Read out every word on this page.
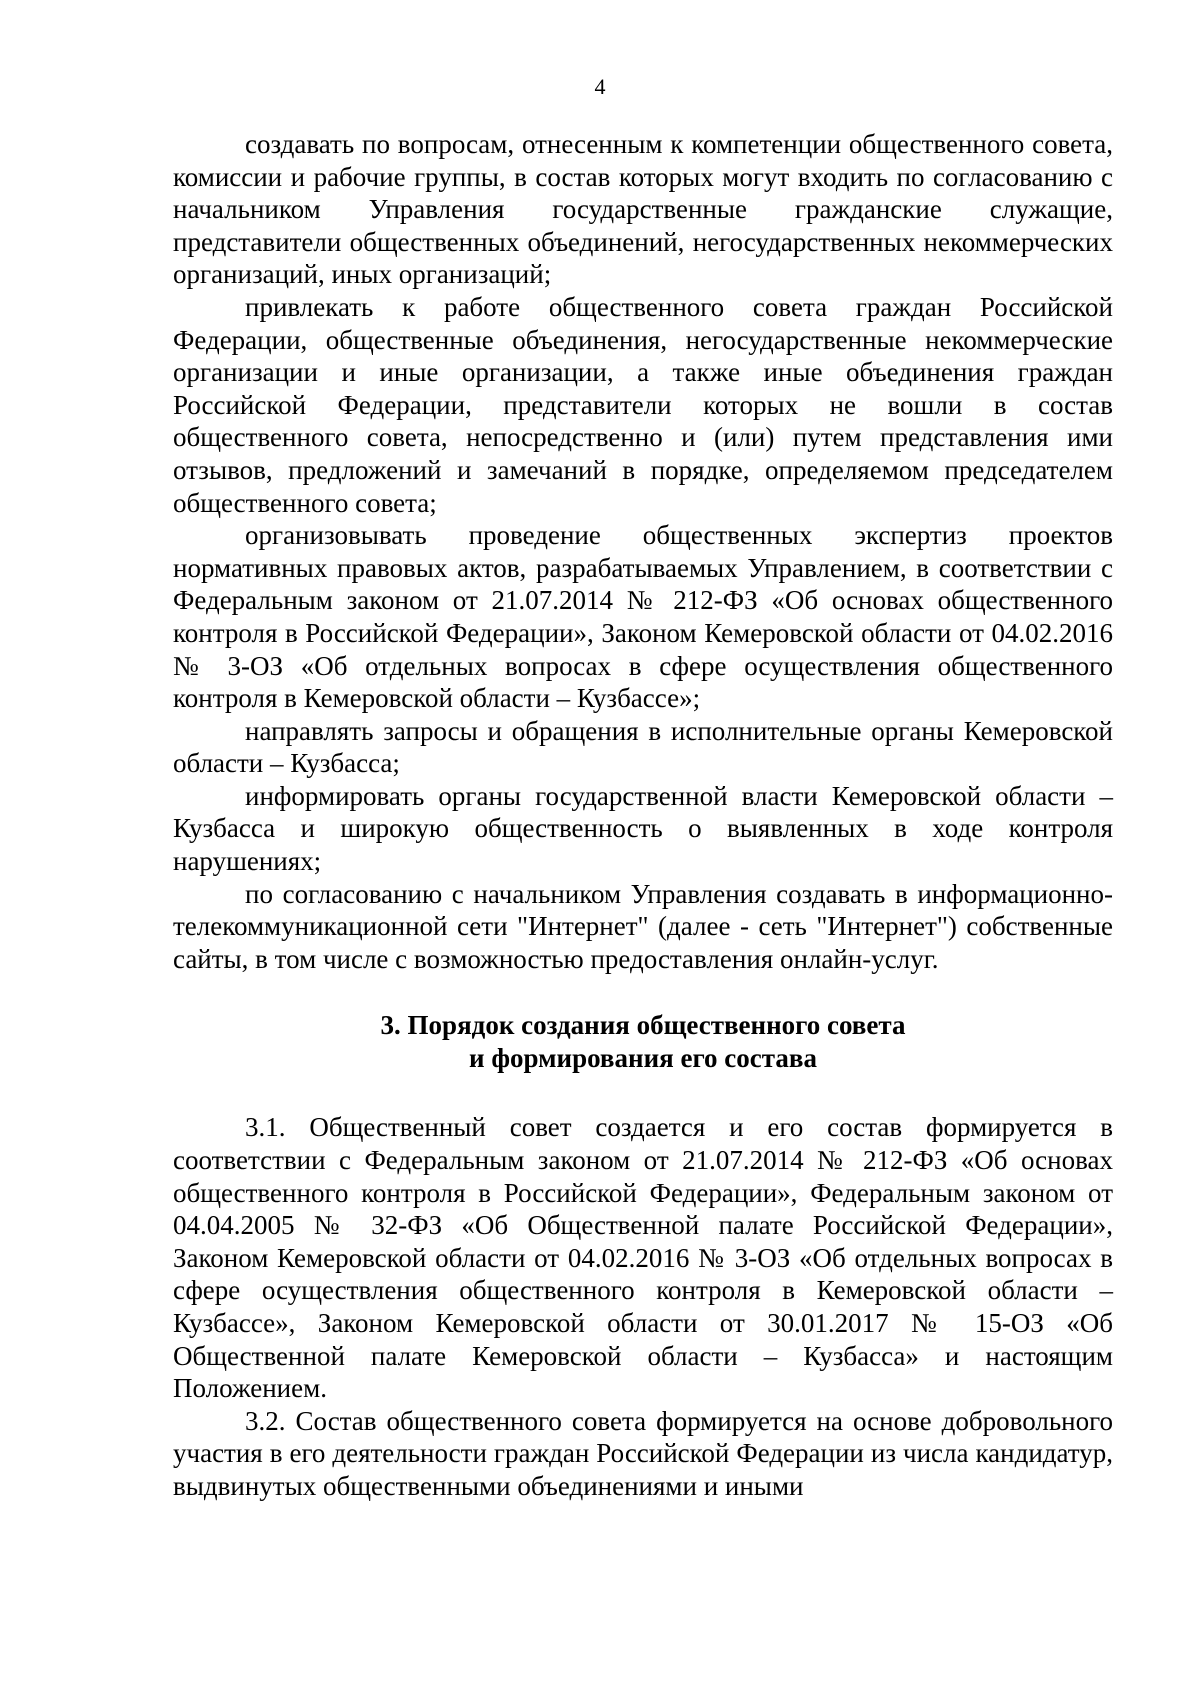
4

создавать по вопросам, отнесенным к компетенции общественного совета, комиссии и рабочие группы, в состав которых могут входить по согласованию с начальником Управления государственные гражданские служащие, представители общественных объединений, негосударственных некоммерческих организаций, иных организаций;

привлекать к работе общественного совета граждан Российской Федерации, общественные объединения, негосударственные некоммерческие организации и иные организации, а также иные объединения граждан Российской Федерации, представители которых не вошли в состав общественного совета, непосредственно и (или) путем представления ими отзывов, предложений и замечаний в порядке, определяемом председателем общественного совета;

организовывать проведение общественных экспертиз проектов нормативных правовых актов, разрабатываемых Управлением, в соответствии с Федеральным законом от 21.07.2014 № 212-ФЗ «Об основах общественного контроля в Российской Федерации», Законом Кемеровской области от 04.02.2016 № 3-ОЗ «Об отдельных вопросах в сфере осуществления общественного контроля в Кемеровской области – Кузбассе»;

направлять запросы и обращения в исполнительные органы Кемеровской области – Кузбасса;

информировать органы государственной власти Кемеровской области – Кузбасса и широкую общественность о выявленных в ходе контроля нарушениях;

по согласованию с начальником Управления создавать в информационно-телекоммуникационной сети "Интернет" (далее - сеть "Интернет") собственные сайты, в том числе с возможностью предоставления онлайн-услуг.

3. Порядок создания общественного совета
и формирования его состава

3.1. Общественный совет создается и его состав формируется в соответствии с Федеральным законом от 21.07.2014 № 212-ФЗ «Об основах общественного контроля в Российской Федерации», Федеральным законом от 04.04.2005 № 32-ФЗ «Об Общественной палате Российской Федерации», Законом Кемеровской области от 04.02.2016 № 3-ОЗ «Об отдельных вопросах в сфере осуществления общественного контроля в Кемеровской области – Кузбассе», Законом Кемеровской области от 30.01.2017 № 15-ОЗ «Об Общественной палате Кемеровской области – Кузбасса» и настоящим Положением.

3.2. Состав общественного совета формируется на основе добровольного участия в его деятельности граждан Российской Федерации из числа кандидатур, выдвинутых общественными объединениями и иными
